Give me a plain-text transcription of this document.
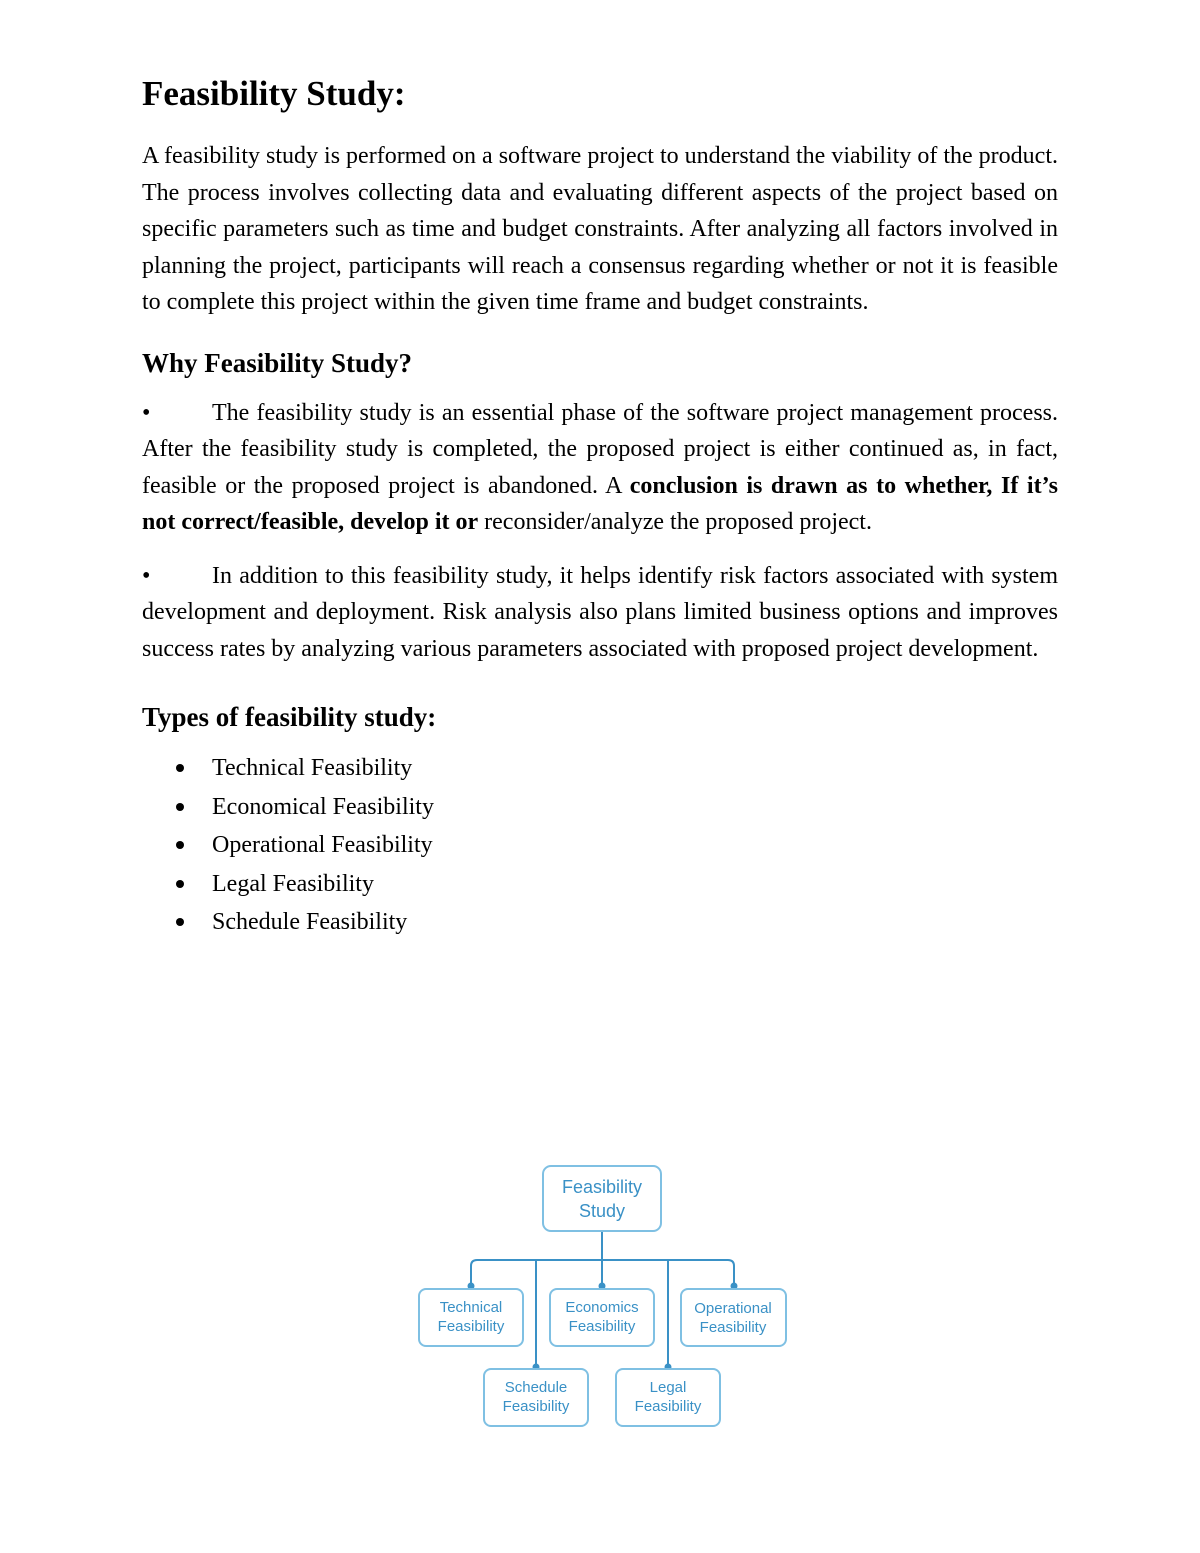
Feasibility Study:

A feasibility study is performed on a software project to understand the viability of the product. The process involves collecting data and evaluating different aspects of the project based on specific parameters such as time and budget constraints. After analyzing all factors involved in planning the project, participants will reach a consensus regarding whether or not it is feasible to complete this project within the given time frame and budget constraints.

Why Feasibility Study?

•	The feasibility study is an essential phase of the software project management process. After the feasibility study is completed, the proposed project is either continued as, in fact, feasible or the proposed project is abandoned. A conclusion is drawn as to whether, If it’s not correct/feasible, develop it or reconsider/analyze the proposed project.

•	In addition to this feasibility study, it helps identify risk factors associated with system development and deployment. Risk analysis also plans limited business options and improves success rates by analyzing various parameters associated with proposed project development.

Types of feasibility study:
Technical Feasibility
Economical Feasibility
Operational Feasibility
Legal Feasibility
Schedule Feasibility
Feasibility
Study
Technical
Feasibility
Economics
Feasibility
Operational
Feasibility
Schedule
Feasibility
Legal
Feasibility
